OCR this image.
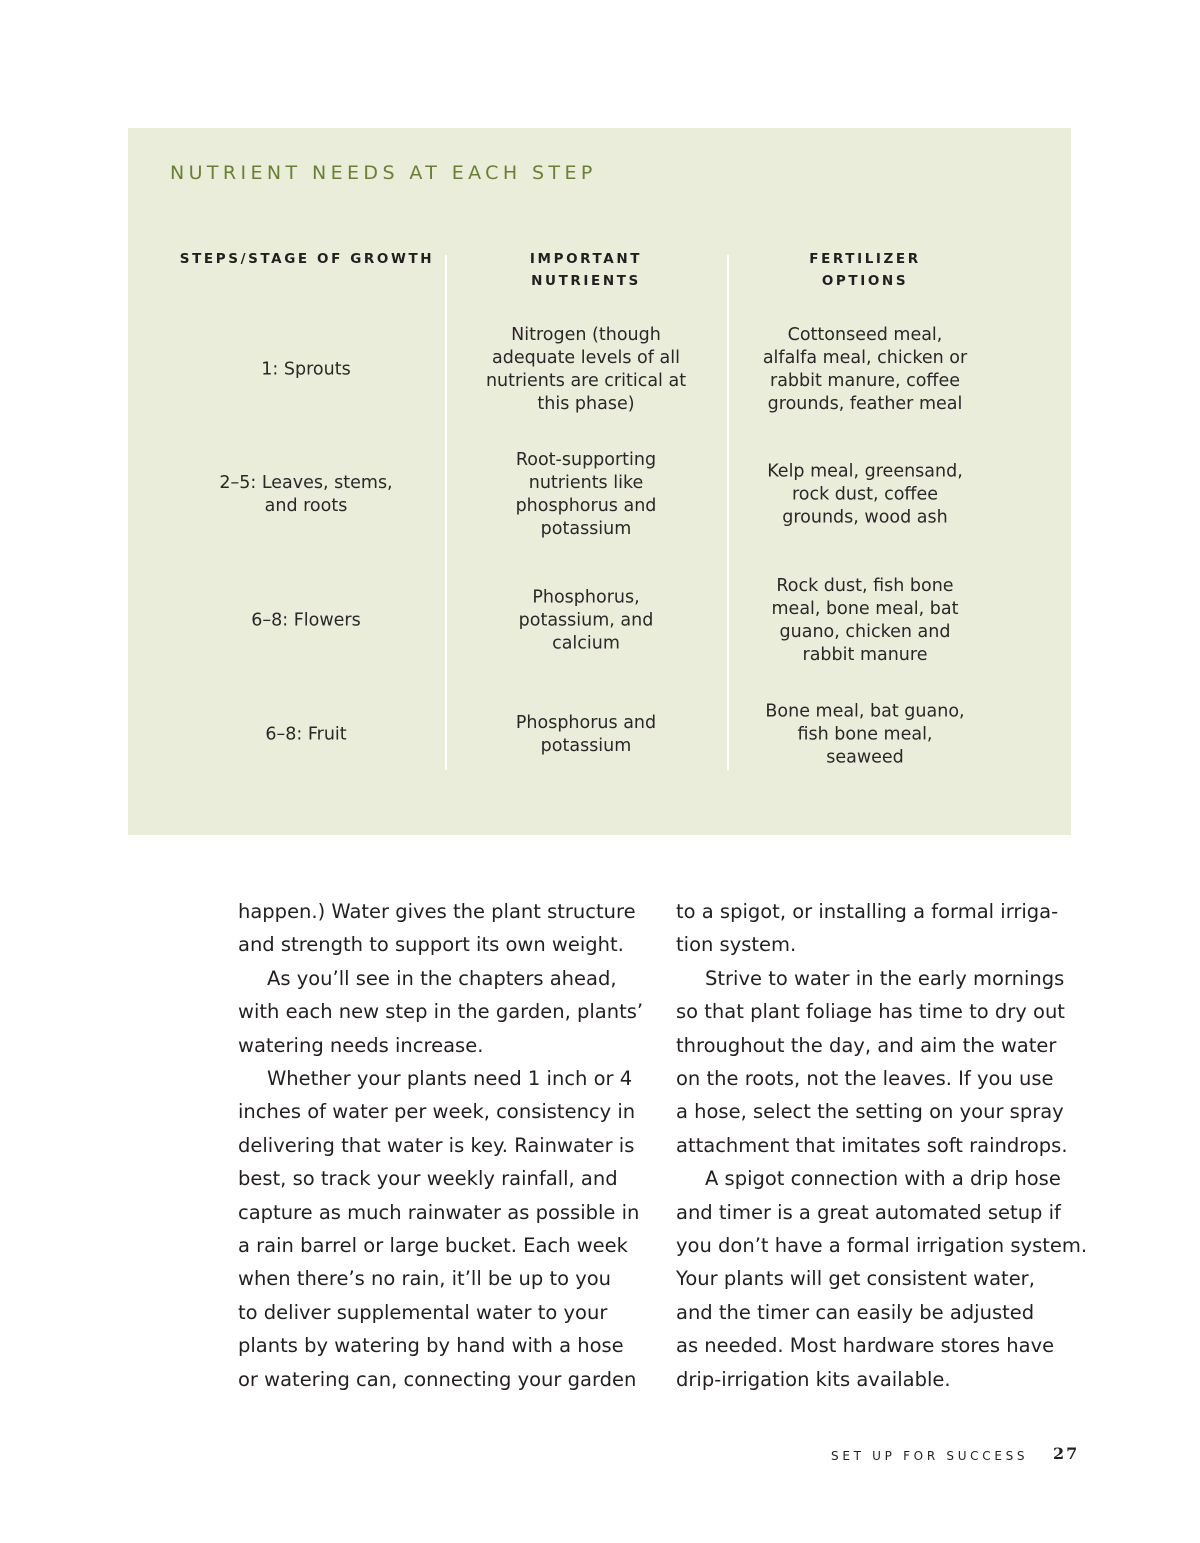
NUTRIENT NEEDS AT EACH STEP
STEPS/STAGE OF GROWTH	IMPORTANT NUTRIENTS
FERTILIZER OPTIONS
1: Sprouts
Nitrogen (though adequate levels of all nutrients are critical at this phase)
Cottonseed meal, alfalfa meal, chicken or rabbit manure, coffee grounds, feather meal
2–5: Leaves, stems, and roots
Root-supporting nutrients like phosphorus and potassium
Kelp meal, greensand, rock dust, coffee grounds, wood ash
6–8: Flowers
Phosphorus, potassium, and calcium
Rock dust, fish bone meal, bone meal, bat guano, chicken and rabbit manure
6–8: Fruit
Phosphorus and potassium
Bone meal, bat guano, fish bone meal, seaweed

happen.) Water gives the plant structure

and strength to support its own weight.

As you’ll see in the chapters ahead,

with each new step in the garden, plants’

watering needs increase.

Whether your plants need 1 inch or 4

inches of water per week, consistency in

delivering that water is key. Rainwater is

best, so track your weekly rainfall, and

capture as much rainwater as possible in

a rain barrel or large bucket. Each week

when there’s no rain, it’ll be up to you

to deliver supplemental water to your

plants by watering by hand with a hose

or watering can, connecting your garden

to a spigot, or installing a formal irriga-

tion system.

Strive to water in the early mornings

so that plant foliage has time to dry out

throughout the day, and aim the water

on the roots, not the leaves. If you use

a hose, select the setting on your spray

attachment that imitates soft raindrops.

A spigot connection with a drip hose

and timer is a great automated setup if

you don’t have a formal irrigation system.

Your plants will get consistent water,

and the timer can easily be adjusted

as needed. Most hardware stores have

drip-irrigation kits available.

SET UP FOR SUCCESS 27
